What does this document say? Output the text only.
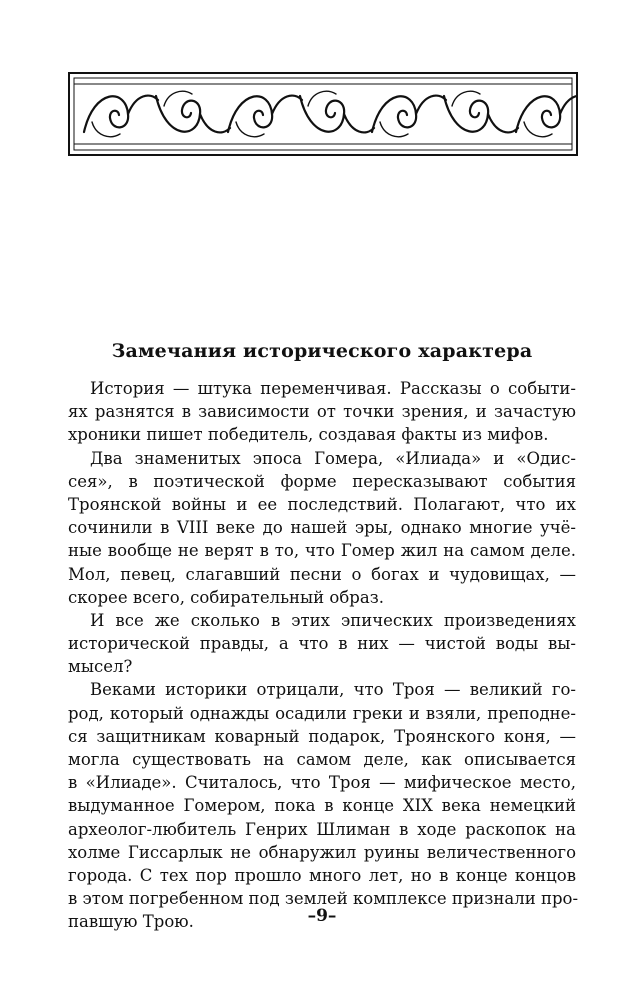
Замечания исторического характера
История — штука переменчивая. Рассказы о событи-
ях разнятся в зависимости от точки зрения, и зачастую
хроники пишет победитель, создавая факты из мифов.
Два знаменитых эпоса Гомера, «Илиада» и «Одис-
сея», в поэтической форме пересказывают события
Троянской войны и ее последствий. Полагают, что их
сочинили в VIII веке до нашей эры, однако многие учё-
ные вообще не верят в то, что Гомер жил на самом деле.
Мол, певец, слагавший песни о богах и чудовищах, —
скорее всего, собирательный образ.
И все же сколько в этих эпических произведениях
исторической правды, а что в них — чистой воды вы-
мысел?
Веками историки отрицали, что Троя — великий го-
род, который однажды осадили греки и взяли, преподне-
ся защитникам коварный подарок, Троянского коня, —
могла существовать на самом деле, как описывается
в «Илиаде». Считалось, что Троя — мифическое место,
выдуманное Гомером, пока в конце XIX века немецкий
археолог-любитель Генрих Шлиман в ходе раскопок на
холме Гиссарлык не обнаружил руины величественного
города. С тех пор прошло много лет, но в конце концов
в этом погребенном под землей комплексе признали про-
павшую Трою.	–9–
